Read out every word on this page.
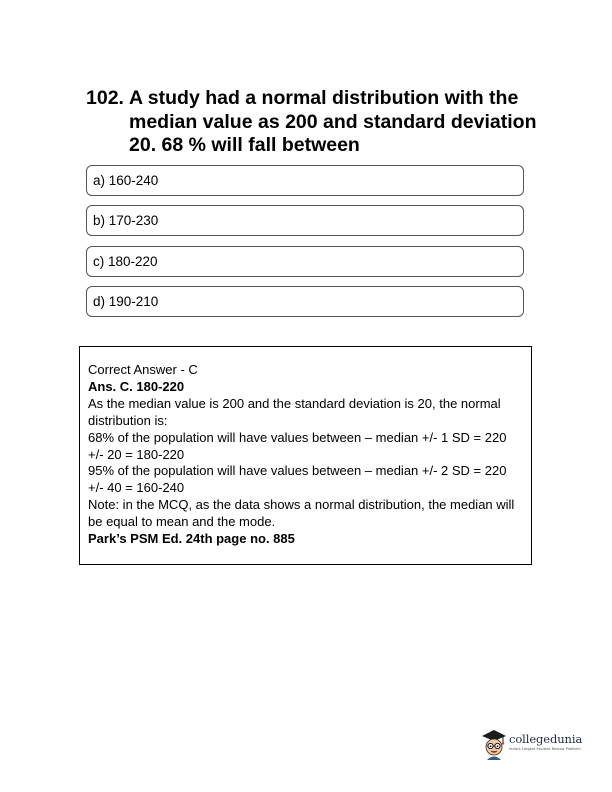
102. A study had a normal distribution with the median value as 200 and standard deviation 20. 68 % will fall between
a) 160-240
b) 170-230
c) 180-220
d) 190-210

Correct Answer - C

Ans. C. 180-220

As the median value is 200 and the standard deviation is 20, the normal distribution is:

68% of the population will have values between – median +/- 1 SD = 220 +/- 20 = 180-220

95% of the population will have values between – median +/- 2 SD = 220 +/- 40 = 160-240

Note: in the MCQ, as the data shows a normal distribution, the median will be equal to mean and the mode.

Park’s PSM Ed. 24th page no. 885

collegedunia
India's Largest Student Review Platform
